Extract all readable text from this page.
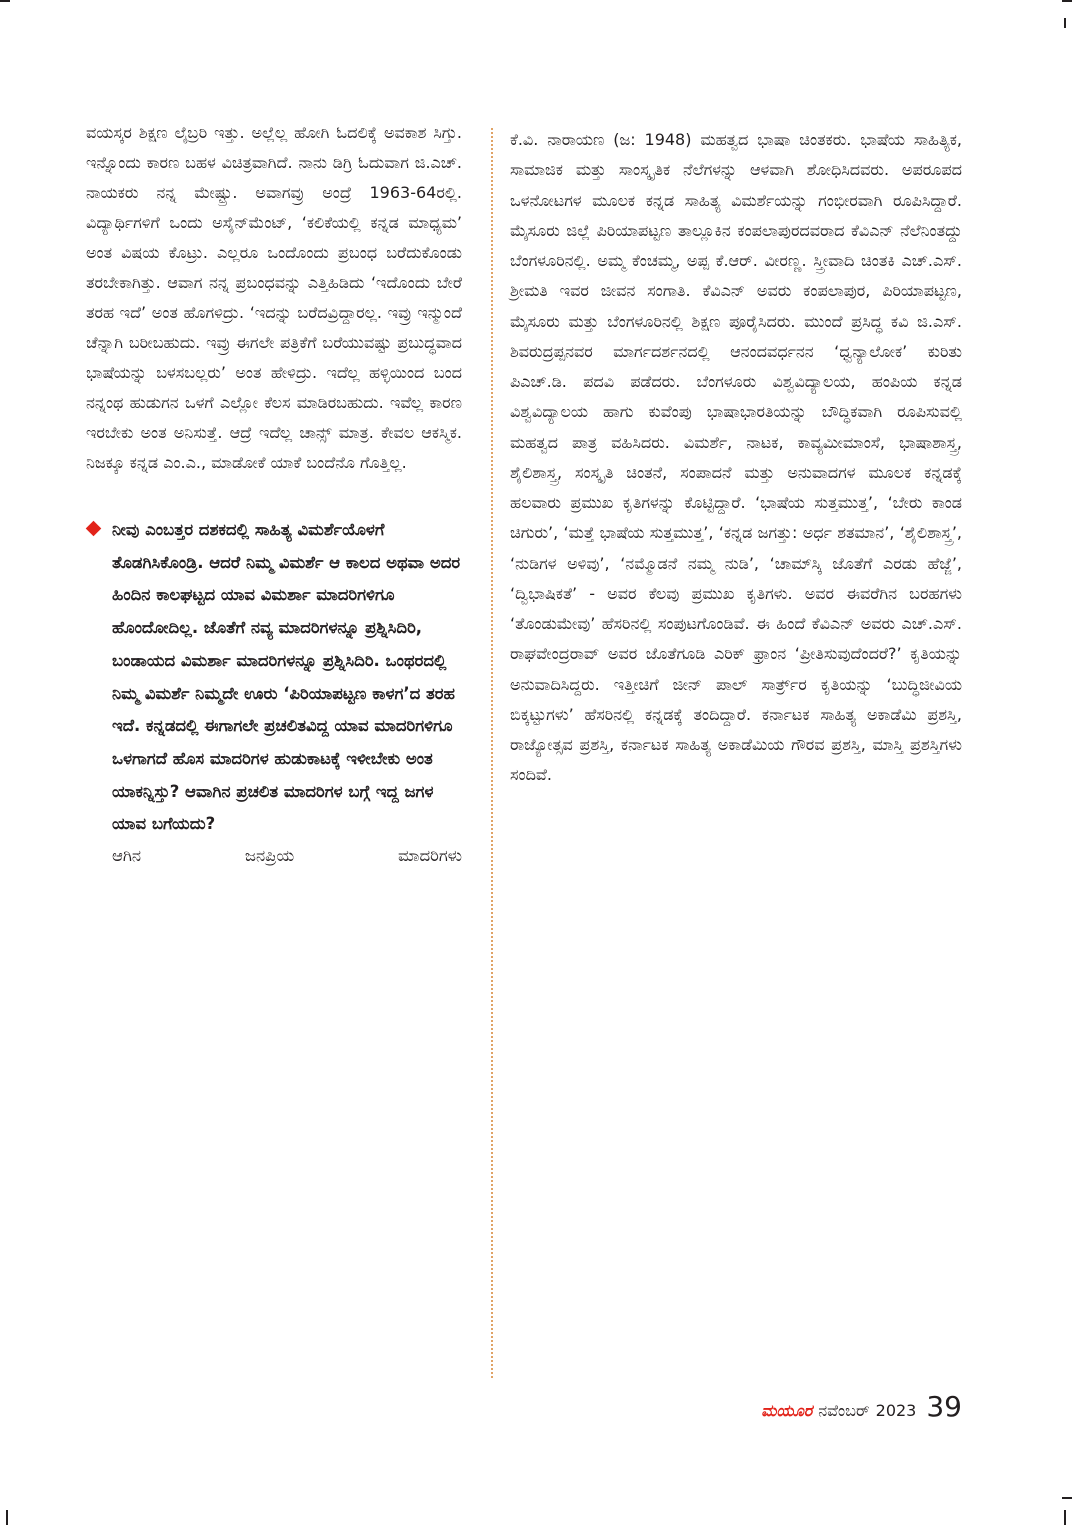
ವಯಸ್ಕರ ಶಿಕ್ಷಣ ಲೈಬ್ರರಿ ಇತ್ತು. ಅಲ್ಲೆಲ್ಲ ಹೋಗಿ ಓದಲಿಕ್ಕೆ ಅವಕಾಶ ಸಿಗ್ತು. ಇನ್ನೊಂದು ಕಾರಣ ಬಹಳ ವಿಚಿತ್ರವಾಗಿದೆ. ನಾನು ಡಿಗ್ರಿ ಓದುವಾಗ ಜಿ.ಎಚ್. ನಾಯಕರು ನನ್ನ ಮೇಷ್ಟ್ರು. ಅವಾಗವ್ರು ಅಂದ್ರೆ 1963-64ರಲ್ಲಿ. ವಿದ್ಯಾರ್ಥಿಗಳಿಗೆ ಒಂದು ಅಸೈನ್‌ಮೆಂಟ್, ‘ಕಲಿಕೆಯಲ್ಲಿ ಕನ್ನಡ ಮಾಧ್ಯಮ’ ಅಂತ ವಿಷಯ ಕೊಟ್ರು. ಎಲ್ಲರೂ ಒಂದೊಂದು ಪ್ರಬಂಧ ಬರೆದುಕೊಂಡು ತರಬೇಕಾಗಿತ್ತು. ಆವಾಗ ನನ್ನ ಪ್ರಬಂಧವನ್ನು ಎತ್ತಿಹಿಡಿದು ‘ಇದೊಂದು ಬೇರೆ ತರಹ ಇದೆ’ ಅಂತ ಹೊಗಳಿದ್ರು. ‘ಇದನ್ನು ಬರೆದವ್ರಿದ್ದಾರಲ್ಲ. ಇವ್ರು ಇನ್ಮುಂದೆ ಚೆನ್ನಾಗಿ ಬರೀಬಹುದು. ಇವ್ರು ಈಗಲೇ ಪತ್ರಿಕೆಗೆ ಬರೆಯುವಷ್ಟು ಪ್ರಬುದ್ಧವಾದ ಭಾಷೆಯನ್ನು ಬಳಸಬಲ್ಲರು’ ಅಂತ ಹೇಳಿದ್ರು. ಇದೆಲ್ಲ ಹಳ್ಳಿಯಿಂದ ಬಂದ ನನ್ನಂಥ ಹುಡುಗನ ಒಳಗೆ ಎಲ್ಲೋ ಕೆಲಸ ಮಾಡಿರಬಹುದು. ಇವೆಲ್ಲ ಕಾರಣ ಇರಬೇಕು ಅಂತ ಅನಿಸುತ್ತೆ. ಆದ್ರೆ ಇದೆಲ್ಲ ಚಾನ್ಸ್ ಮಾತ್ರ. ಕೇವಲ ಆಕಸ್ಮಿಕ. ನಿಜಕ್ಕೂ ಕನ್ನಡ ಎಂ.ಎ., ಮಾಡೋಕೆ ಯಾಕೆ ಬಂದೆನೊ ಗೊತ್ತಿಲ್ಲ.

ನೀವು ಎಂಬತ್ತರ ದಶಕದಲ್ಲಿ ಸಾಹಿತ್ಯ ವಿಮರ್ಶೆಯೊಳಗೆ ತೊಡಗಿಸಿಕೊಂಡ್ರಿ. ಆದರೆ ನಿಮ್ಮ ವಿಮರ್ಶೆ ಆ ಕಾಲದ ಅಥವಾ ಅದರ ಹಿಂದಿನ ಕಾಲಘಟ್ಟದ ಯಾವ ವಿಮರ್ಶಾ ಮಾದರಿಗಳಿಗೂ ಹೊಂದೋದಿಲ್ಲ. ಜೊತೆಗೆ ನವ್ಯ ಮಾದರಿಗಳನ್ನೂ ಪ್ರಶ್ನಿಸಿದಿರಿ, ಬಂಡಾಯದ ವಿಮರ್ಶಾ ಮಾದರಿಗಳನ್ನೂ ಪ್ರಶ್ನಿಸಿದಿರಿ. ಒಂಥರದಲ್ಲಿ ನಿಮ್ಮ ವಿಮರ್ಶೆ ನಿಮ್ಮದೇ ಊರು ‘ಪಿರಿಯಾಪಟ್ಟಣ ಕಾಳಗ’ದ ತರಹ ಇದೆ. ಕನ್ನಡದಲ್ಲಿ ಈಗಾಗಲೇ ಪ್ರಚಲಿತವಿದ್ದ ಯಾವ ಮಾದರಿಗಳಿಗೂ ಒಳಗಾಗದೆ ಹೊಸ ಮಾದರಿಗಳ ಹುಡುಕಾಟಕ್ಕೆ ಇಳೀಬೇಕು ಅಂತ ಯಾಕನ್ನಿಸ್ತು? ಆವಾಗಿನ ಪ್ರಚಲಿತ ಮಾದರಿಗಳ ಬಗ್ಗೆ ಇದ್ದ ಜಗಳ ಯಾವ ಬಗೆಯದು?
ಆಗಿನ	ಜನಪ್ರಿಯ	ಮಾದರಿಗಳು

ಕೆ.ವಿ. ನಾರಾಯಣ (ಜ: 1948) ಮಹತ್ವದ ಭಾಷಾ ಚಿಂತಕರು. ಭಾಷೆಯ ಸಾಹಿತ್ಯಿಕ, ಸಾಮಾಜಿಕ ಮತ್ತು ಸಾಂಸ್ಕೃತಿಕ ನೆಲೆಗಳನ್ನು ಆಳವಾಗಿ ಶೋಧಿಸಿದವರು. ಅಪರೂಪದ ಒಳನೋಟಗಳ ಮೂಲಕ ಕನ್ನಡ ಸಾಹಿತ್ಯ ವಿಮರ್ಶೆಯನ್ನು ಗಂಭೀರವಾಗಿ ರೂಪಿಸಿದ್ದಾರೆ. ಮೈಸೂರು ಜಿಲ್ಲೆ ಪಿರಿಯಾಪಟ್ಟಣ ತಾಲ್ಲೂಕಿನ ಕಂಪಲಾಪುರದವರಾದ ಕೆವಿಎನ್ ನೆಲೆನಿಂತದ್ದು ಬೆಂಗಳೂರಿನಲ್ಲಿ. ಅಮ್ಮ ಕೆಂಚಮ್ಮ, ಅಪ್ಪ ಕೆ.ಆರ್. ವೀರಣ್ಣ. ಸ್ತ್ರೀವಾದಿ ಚಿಂತಕಿ ಎಚ್.ಎಸ್. ಶ್ರೀಮತಿ ಇವರ ಜೀವನ ಸಂಗಾತಿ. ಕೆವಿಎನ್ ಅವರು ಕಂಪಲಾಪುರ, ಪಿರಿಯಾಪಟ್ಟಣ, ಮೈಸೂರು ಮತ್ತು ಬೆಂಗಳೂರಿನಲ್ಲಿ ಶಿಕ್ಷಣ ಪೂರೈಸಿದರು. ಮುಂದೆ ಪ್ರಸಿದ್ಧ ಕವಿ ಜಿ.ಎಸ್. ಶಿವರುದ್ರಪ್ಪನವರ ಮಾರ್ಗದರ್ಶನದಲ್ಲಿ ಆನಂದವರ್ಧನನ ‘ಧ್ವನ್ಯಾಲೋಕ’ ಕುರಿತು ಪಿಎಚ್.ಡಿ. ಪದವಿ ಪಡೆದರು. ಬೆಂಗಳೂರು ವಿಶ್ವವಿದ್ಯಾಲಯ, ಹಂಪಿಯ ಕನ್ನಡ ವಿಶ್ವವಿದ್ಯಾಲಯ ಹಾಗು ಕುವೆಂಪು ಭಾಷಾಭಾರತಿಯನ್ನು ಬೌದ್ಧಿಕವಾಗಿ ರೂಪಿಸುವಲ್ಲಿ ಮಹತ್ವದ ಪಾತ್ರ ವಹಿಸಿದರು. ವಿಮರ್ಶೆ, ನಾಟಕ, ಕಾವ್ಯಮೀಮಾಂಸೆ, ಭಾಷಾಶಾಸ್ತ್ರ, ಶೈಲಿಶಾಸ್ತ್ರ, ಸಂಸ್ಕೃತಿ ಚಿಂತನೆ, ಸಂಪಾದನೆ ಮತ್ತು ಅನುವಾದಗಳ ಮೂಲಕ ಕನ್ನಡಕ್ಕೆ ಹಲವಾರು ಪ್ರಮುಖ ಕೃತಿಗಳನ್ನು ಕೊಟ್ಟಿದ್ದಾರೆ. ‘ಭಾಷೆಯ ಸುತ್ತಮುತ್ತ’, ‘ಬೇರು ಕಾಂಡ ಚಿಗುರು’, ‘ಮತ್ತೆ ಭಾಷೆಯ ಸುತ್ತಮುತ್ತ’, ‘ಕನ್ನಡ ಜಗತ್ತು: ಅರ್ಧ ಶತಮಾನ’, ‘ಶೈಲಿಶಾಸ್ತ್ರ’, ‘ನುಡಿಗಳ ಅಳಿವು’, ‘ನಮ್ಮೊಡನೆ ನಮ್ಮ ನುಡಿ’, ‘ಚಾಮ್‌ಸ್ಕಿ ಜೊತೆಗೆ ಎರಡು ಹೆಜ್ಜೆ’, ‘ದ್ವಿಭಾಷಿಕತೆ’ - ಅವರ ಕೆಲವು ಪ್ರಮುಖ ಕೃತಿಗಳು. ಅವರ ಈವರೆಗಿನ ಬರಹಗಳು ‘ತೊಂಡುಮೇವು’ ಹೆಸರಿನಲ್ಲಿ ಸಂಪುಟಗೊಂಡಿವೆ. ಈ ಹಿಂದೆ ಕೆವಿಎನ್ ಅವರು ಎಚ್.ಎಸ್. ರಾಘವೇಂದ್ರರಾವ್ ಅವರ ಜೊತೆಗೂಡಿ ಎರಿಕ್ ಫ್ರಾಂನ ‘ಪ್ರೀತಿಸುವುದೆಂದರೆ?’ ಕೃತಿಯನ್ನು ಅನುವಾದಿಸಿದ್ದರು. ಇತ್ತೀಚಿಗೆ ಜೀನ್ ಪಾಲ್ ಸಾರ್ತ್ರ್‌ರ ಕೃತಿಯನ್ನು ‘ಬುದ್ಧಿಜೀವಿಯ ಬಿಕ್ಕಟ್ಟುಗಳು’ ಹೆಸರಿನಲ್ಲಿ ಕನ್ನಡಕ್ಕೆ ತಂದಿದ್ದಾರೆ. ಕರ್ನಾಟಕ ಸಾಹಿತ್ಯ ಅಕಾಡೆಮಿ ಪ್ರಶಸ್ತಿ, ರಾಜ್ಯೋತ್ಸವ ಪ್ರಶಸ್ತಿ, ಕರ್ನಾಟಕ ಸಾಹಿತ್ಯ ಅಕಾಡೆಮಿಯ ಗೌರವ ಪ್ರಶಸ್ತಿ, ಮಾಸ್ತಿ ಪ್ರಶಸ್ತಿಗಳು ಸಂದಿವೆ.

ಮಯೂರ ನವೆಂಬರ್ 2023 39
